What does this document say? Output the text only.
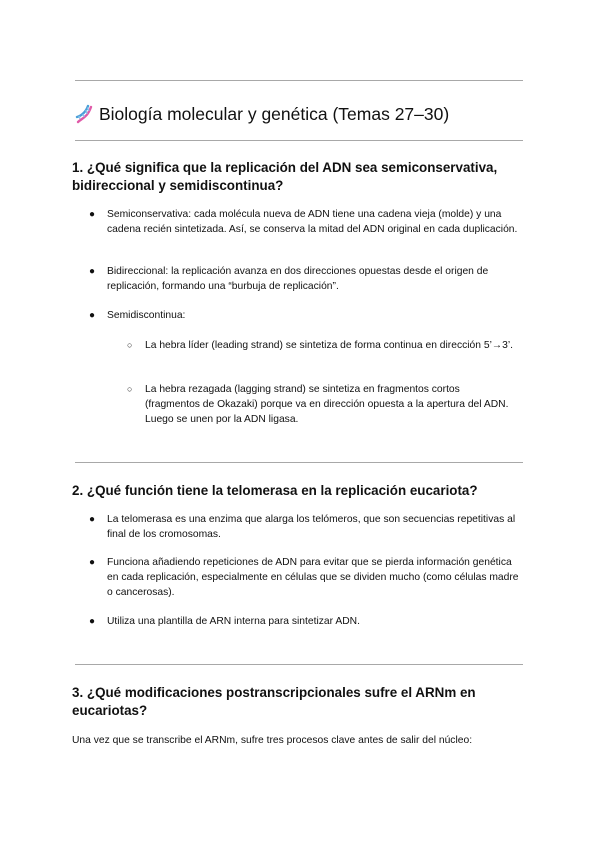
Biología molecular y genética (Temas 27–30)
1. ¿Qué significa que la replicación del ADN sea semiconservativa, bidireccional y semidiscontinua?
● Semiconservativa: cada molécula nueva de ADN tiene una cadena vieja (molde) y una cadena recién sintetizada. Así, se conserva la mitad del ADN original en cada duplicación.
● Bidireccional: la replicación avanza en dos direcciones opuestas desde el origen de replicación, formando una “burbuja de replicación”.
● Semidiscontinua:
○ La hebra líder (leading strand) se sintetiza de forma continua en dirección 5’→3’.
○ La hebra rezagada (lagging strand) se sintetiza en fragmentos cortos (fragmentos de Okazaki) porque va en dirección opuesta a la apertura del ADN. Luego se unen por la ADN ligasa.
2. ¿Qué función tiene la telomerasa en la replicación eucariota?
● La telomerasa es una enzima que alarga los telómeros, que son secuencias repetitivas al final de los cromosomas.
● Funciona añadiendo repeticiones de ADN para evitar que se pierda información genética en cada replicación, especialmente en células que se dividen mucho (como células madre o cancerosas).
● Utiliza una plantilla de ARN interna para sintetizar ADN.
3. ¿Qué modificaciones postranscripcionales sufre el ARNm en eucariotas?

Una vez que se transcribe el ARNm, sufre tres procesos clave antes de salir del núcleo:
